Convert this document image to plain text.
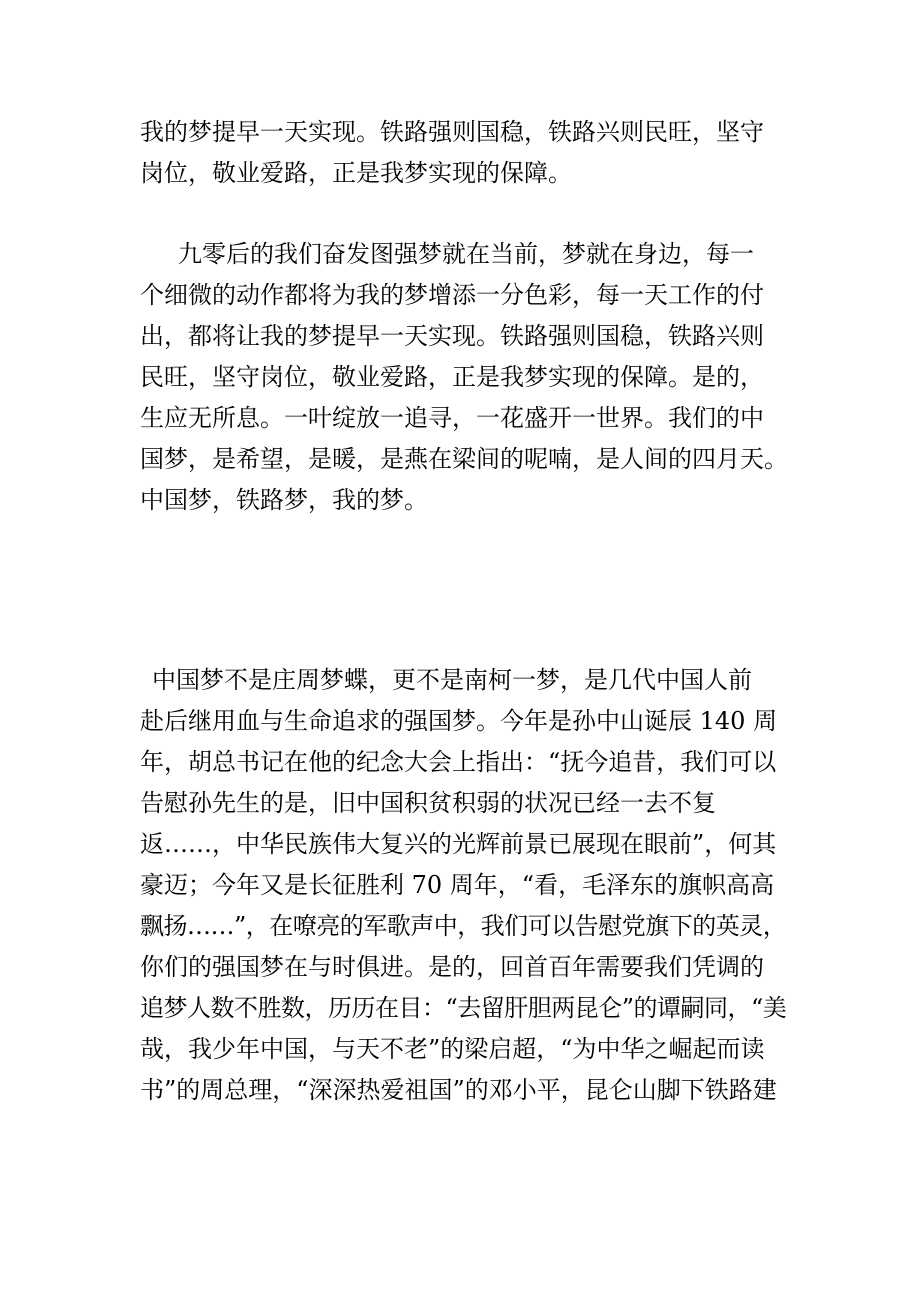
我的梦提早一天实现。铁路强则国稳，铁路兴则民旺，坚守
岗位，敬业爱路，正是我梦实现的保障。
九零后的我们奋发图强梦就在当前，梦就在身边，每一
个细微的动作都将为我的梦增添一分色彩，每一天工作的付
出，都将让我的梦提早一天实现。铁路强则国稳，铁路兴则
民旺，坚守岗位，敬业爱路，正是我梦实现的保障。是的，
生应无所息。一叶绽放一追寻，一花盛开一世界。我们的中
国梦，是希望，是暖，是燕在梁间的呢喃，是人间的四月天。
中国梦，铁路梦，我的梦。
中国梦不是庄周梦蝶，更不是南柯一梦，是几代中国人前
赴后继用血与生命追求的强国梦。今年是孙中山诞辰 140 周
年，胡总书记在他的纪念大会上指出：“抚今追昔，我们可以
告慰孙先生的是，旧中国积贫积弱的状况已经一去不复
返……，中华民族伟大复兴的光辉前景已展现在眼前”，何其
豪迈；今年又是长征胜利 70 周年，“看，毛泽东的旗帜高高
飘扬……”，在嘹亮的军歌声中，我们可以告慰党旗下的英灵，
你们的强国梦在与时俱进。是的，回首百年需要我们凭调的
追梦人数不胜数，历历在目：“去留肝胆两昆仑”的谭嗣同，“美
哉，我少年中国，与天不老”的梁启超，“为中华之崛起而读
书”的周总理，“深深热爱祖国”的邓小平，昆仑山脚下铁路建
